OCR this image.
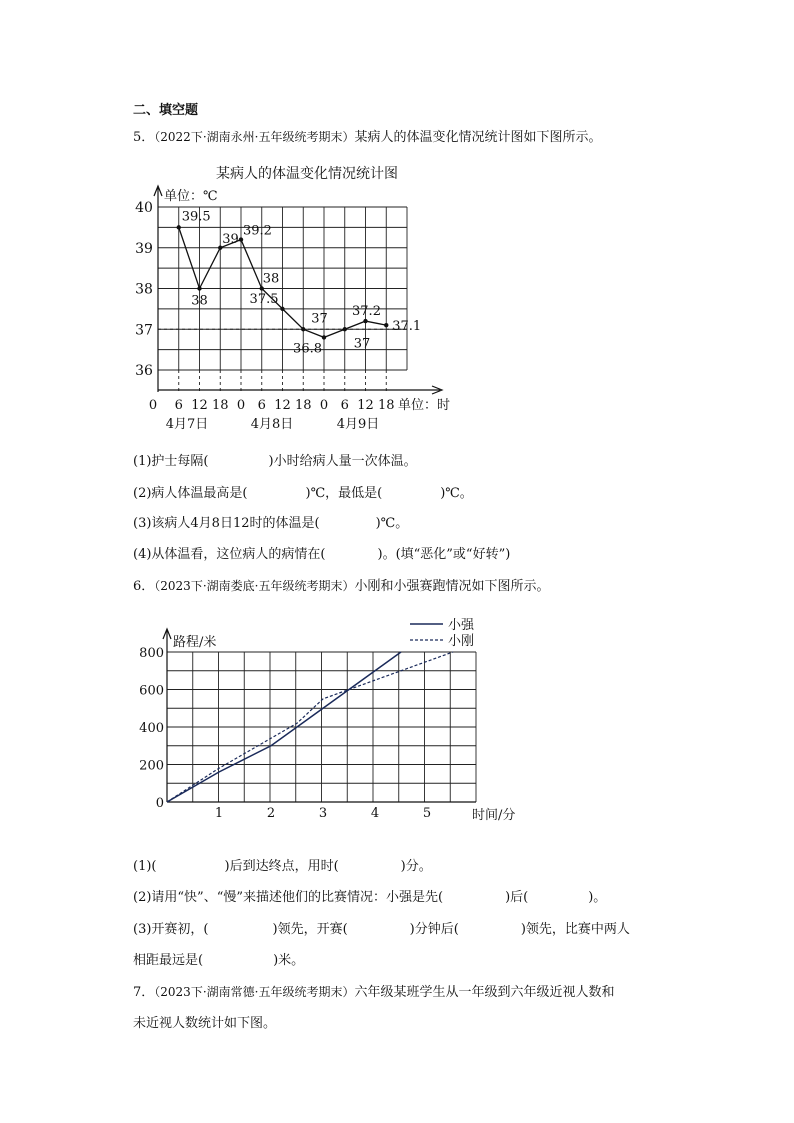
二、填空题
5．（2022下·湖南永州·五年级统考期末）某病人的体温变化情况统计图如下图所示。
某病人的体温变化情况统计图
单位：℃
36
37
38
39
40
0 6 12 18 0 6 12 18 0 6 12 18 单位：时
4月7日	4月8日	4月9日
39.5
38
39
39.2
38
37.5
37
36.8 37
37.2
37.1
(1)护士每隔(	)小时给病人量一次体温。
(2)病人体温最高是(	)℃，最低是(	)℃。
(3)该病人4月8日12时的体温是(	)℃。
(4)从体温看，这位病人的病情在(	)。(填“恶化”或“好转”)
6．（2023下·湖南娄底·五年级统考期末）小刚和小强赛跑情况如下图所示。
路程/米
时间/分
0
200
400
600
800
1	2	3	4	5
小强
小刚
(1)(	)后到达终点，用时(	)分。
(2)请用“快”、“慢”来描述他们的比赛情况：小强是先(	)后(	)。
(3)开赛初，(	)领先，开赛(	)分钟后(	)领先，比赛中两人
相距最远是(	)米。
7．（2023下·湖南常德·五年级统考期末）六年级某班学生从一年级到六年级近视人数和
未近视人数统计如下图。
